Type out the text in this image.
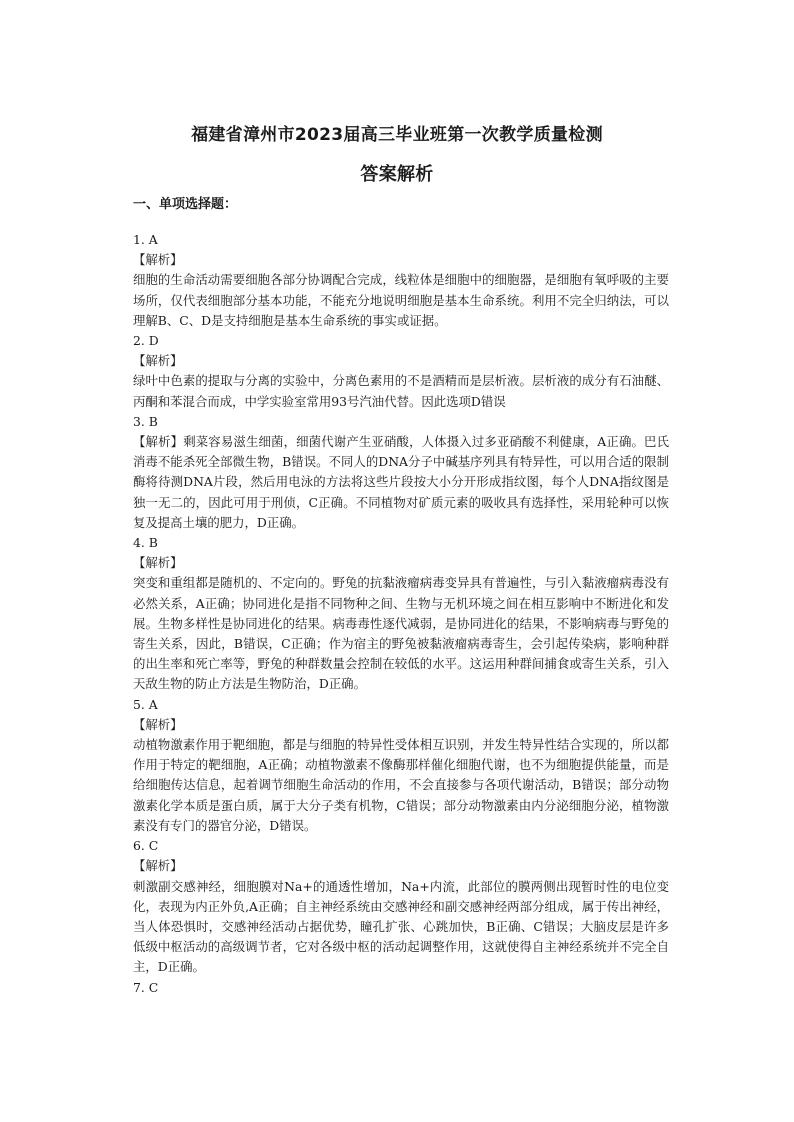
福建省漳州市2023届高三毕业班第一次教学质量检测
答案解析
一、单项选择题：

1. A
【解析】
细胞的生命活动需要细胞各部分协调配合完成，线粒体是细胞中的细胞器，是细胞有氧呼吸的主要场所，仅代表细胞部分基本功能，不能充分地说明细胞是基本生命系统。利用不完全归纳法，可以理解B、C、D是支持细胞是基本生命系统的事实或证据。

2. D
【解析】
绿叶中色素的提取与分离的实验中，分离色素用的不是酒精而是层析液。层析液的成分有石油醚、丙酮和苯混合而成，中学实验室常用93号汽油代替。因此选项D错误

3. B
【解析】剩菜容易滋生细菌，细菌代谢产生亚硝酸，人体摄入过多亚硝酸不利健康，A正确。巴氏消毒不能杀死全部微生物，B错误。不同人的DNA分子中碱基序列具有特异性，可以用合适的限制酶将待测DNA片段，然后用电泳的方法将这些片段按大小分开形成指纹图，每个人DNA指纹图是独一无二的，因此可用于刑侦，C正确。不同植物对矿质元素的吸收具有选择性，采用轮种可以恢复及提高土壤的肥力，D正确。

4. B
【解析】
突变和重组都是随机的、不定向的。野兔的抗黏液瘤病毒变异具有普遍性，与引入黏液瘤病毒没有必然关系，A正确；协同进化是指不同物种之间、生物与无机环境之间在相互影响中不断进化和发展。生物多样性是协同进化的结果。病毒毒性逐代减弱，是协同进化的结果，不影响病毒与野兔的寄生关系，因此，B错误，C正确；作为宿主的野兔被黏液瘤病毒寄生，会引起传染病，影响种群的出生率和死亡率等，野兔的种群数量会控制在较低的水平。这运用种群间捕食或寄生关系，引入天敌生物的防止方法是生物防治，D正确。

5. A
【解析】
动植物激素作用于靶细胞，都是与细胞的特异性受体相互识别，并发生特异性结合实现的，所以都作用于特定的靶细胞，A正确；动植物激素不像酶那样催化细胞代谢，也不为细胞提供能量，而是给细胞传达信息，起着调节细胞生命活动的作用，不会直接参与各项代谢活动，B错误；部分动物激素化学本质是蛋白质，属于大分子类有机物，C错误；部分动物激素由内分泌细胞分泌，植物激素没有专门的器官分泌，D错误。

6. C
【解析】
刺激副交感神经，细胞膜对Na+的通透性增加，Na+内流，此部位的膜两侧出现暂时性的电位变化，表现为内正外负,A正确；自主神经系统由交感神经和副交感神经两部分组成，属于传出神经，当人体恐惧时，交感神经活动占据优势，瞳孔扩张、心跳加快，B正确、C错误；大脑皮层是许多低级中枢活动的高级调节者，它对各级中枢的活动起调整作用，这就使得自主神经系统并不完全自主，D正确。

7. C
